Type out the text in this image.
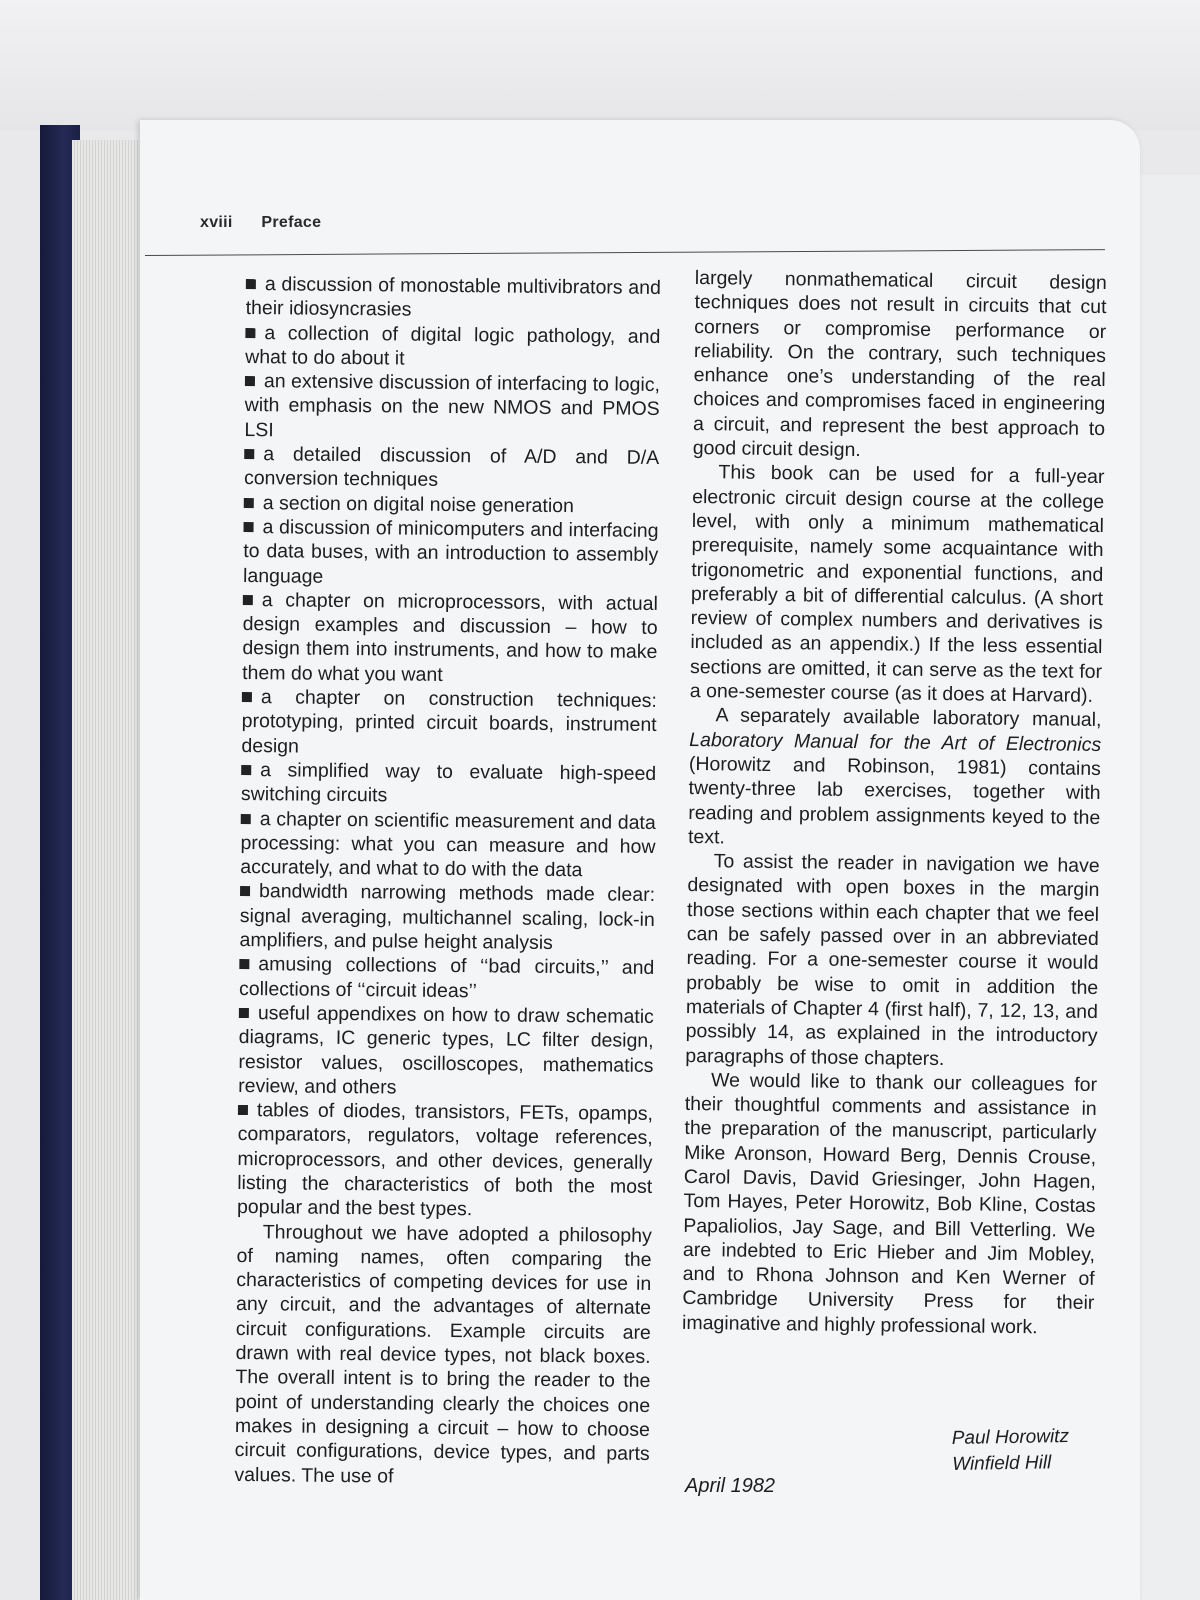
xviii Preface

a discussion of monostable multivibrators and their idiosyncrasies

a collection of digital logic pathology, and what to do about it

an extensive discussion of interfacing to logic, with emphasis on the new NMOS and PMOS LSI

a detailed discussion of A/D and D/A conversion techniques

a section on digital noise generation

a discussion of minicomputers and interfacing to data buses, with an introduction to assembly language

a chapter on microprocessors, with actual design examples and discussion – how to design them into instruments, and how to make them do what you want

a chapter on construction techniques: prototyping, printed circuit boards, instrument design

a simplified way to evaluate high-speed switching circuits

a chapter on scientific measurement and data processing: what you can measure and how accurately, and what to do with the data

bandwidth narrowing methods made clear: signal averaging, multichannel scaling, lock-in amplifiers, and pulse height analysis

amusing collections of ‘‘bad circuits,’’ and collections of ‘‘circuit ideas’’

useful appendixes on how to draw schematic diagrams, IC generic types, LC filter design, resistor values, oscilloscopes, mathematics review, and others

tables of diodes, transistors, FETs, opamps, comparators, regulators, voltage references, microprocessors, and other devices, generally listing the characteristics of both the most popular and the best types.

Throughout we have adopted a philosophy of naming names, often comparing the characteristics of competing devices for use in any circuit, and the advantages of alternate circuit configurations. Example circuits are drawn with real device types, not black boxes. The overall intent is to bring the reader to the point of understanding clearly the choices one makes in designing a circuit – how to choose circuit configurations, device types, and parts values. The use of

largely nonmathematical circuit design techniques does not result in circuits that cut corners or compromise performance or reliability. On the contrary, such techniques enhance one’s understanding of the real choices and compromises faced in engineering a circuit, and represent the best approach to good circuit design.

This book can be used for a full-year electronic circuit design course at the college level, with only a minimum mathematical prerequisite, namely some acquaintance with trigonometric and exponential functions, and preferably a bit of differential calculus. (A short review of complex numbers and derivatives is included as an appendix.) If the less essential sections are omitted, it can serve as the text for a one-semester course (as it does at Harvard).

A separately available laboratory manual, Laboratory Manual for the Art of Electronics (Horowitz and Robinson, 1981) contains twenty-three lab exercises, together with reading and problem assignments keyed to the text.

To assist the reader in navigation we have designated with open boxes in the margin those sections within each chapter that we feel can be safely passed over in an abbreviated reading. For a one-semester course it would probably be wise to omit in addition the materials of Chapter 4 (first half), 7, 12, 13, and possibly 14, as explained in the introductory paragraphs of those chapters.

We would like to thank our colleagues for their thoughtful comments and assistance in the preparation of the manuscript, particularly Mike Aronson, Howard Berg, Dennis Crouse, Carol Davis, David Griesinger, John Hagen, Tom Hayes, Peter Horowitz, Bob Kline, Costas Papaliolios, Jay Sage, and Bill Vetterling. We are indebted to Eric Hieber and Jim Mobley, and to Rhona Johnson and Ken Werner of Cambridge University Press for their imaginative and highly professional work.

Paul Horowitz
Winfield Hill
April 1982
